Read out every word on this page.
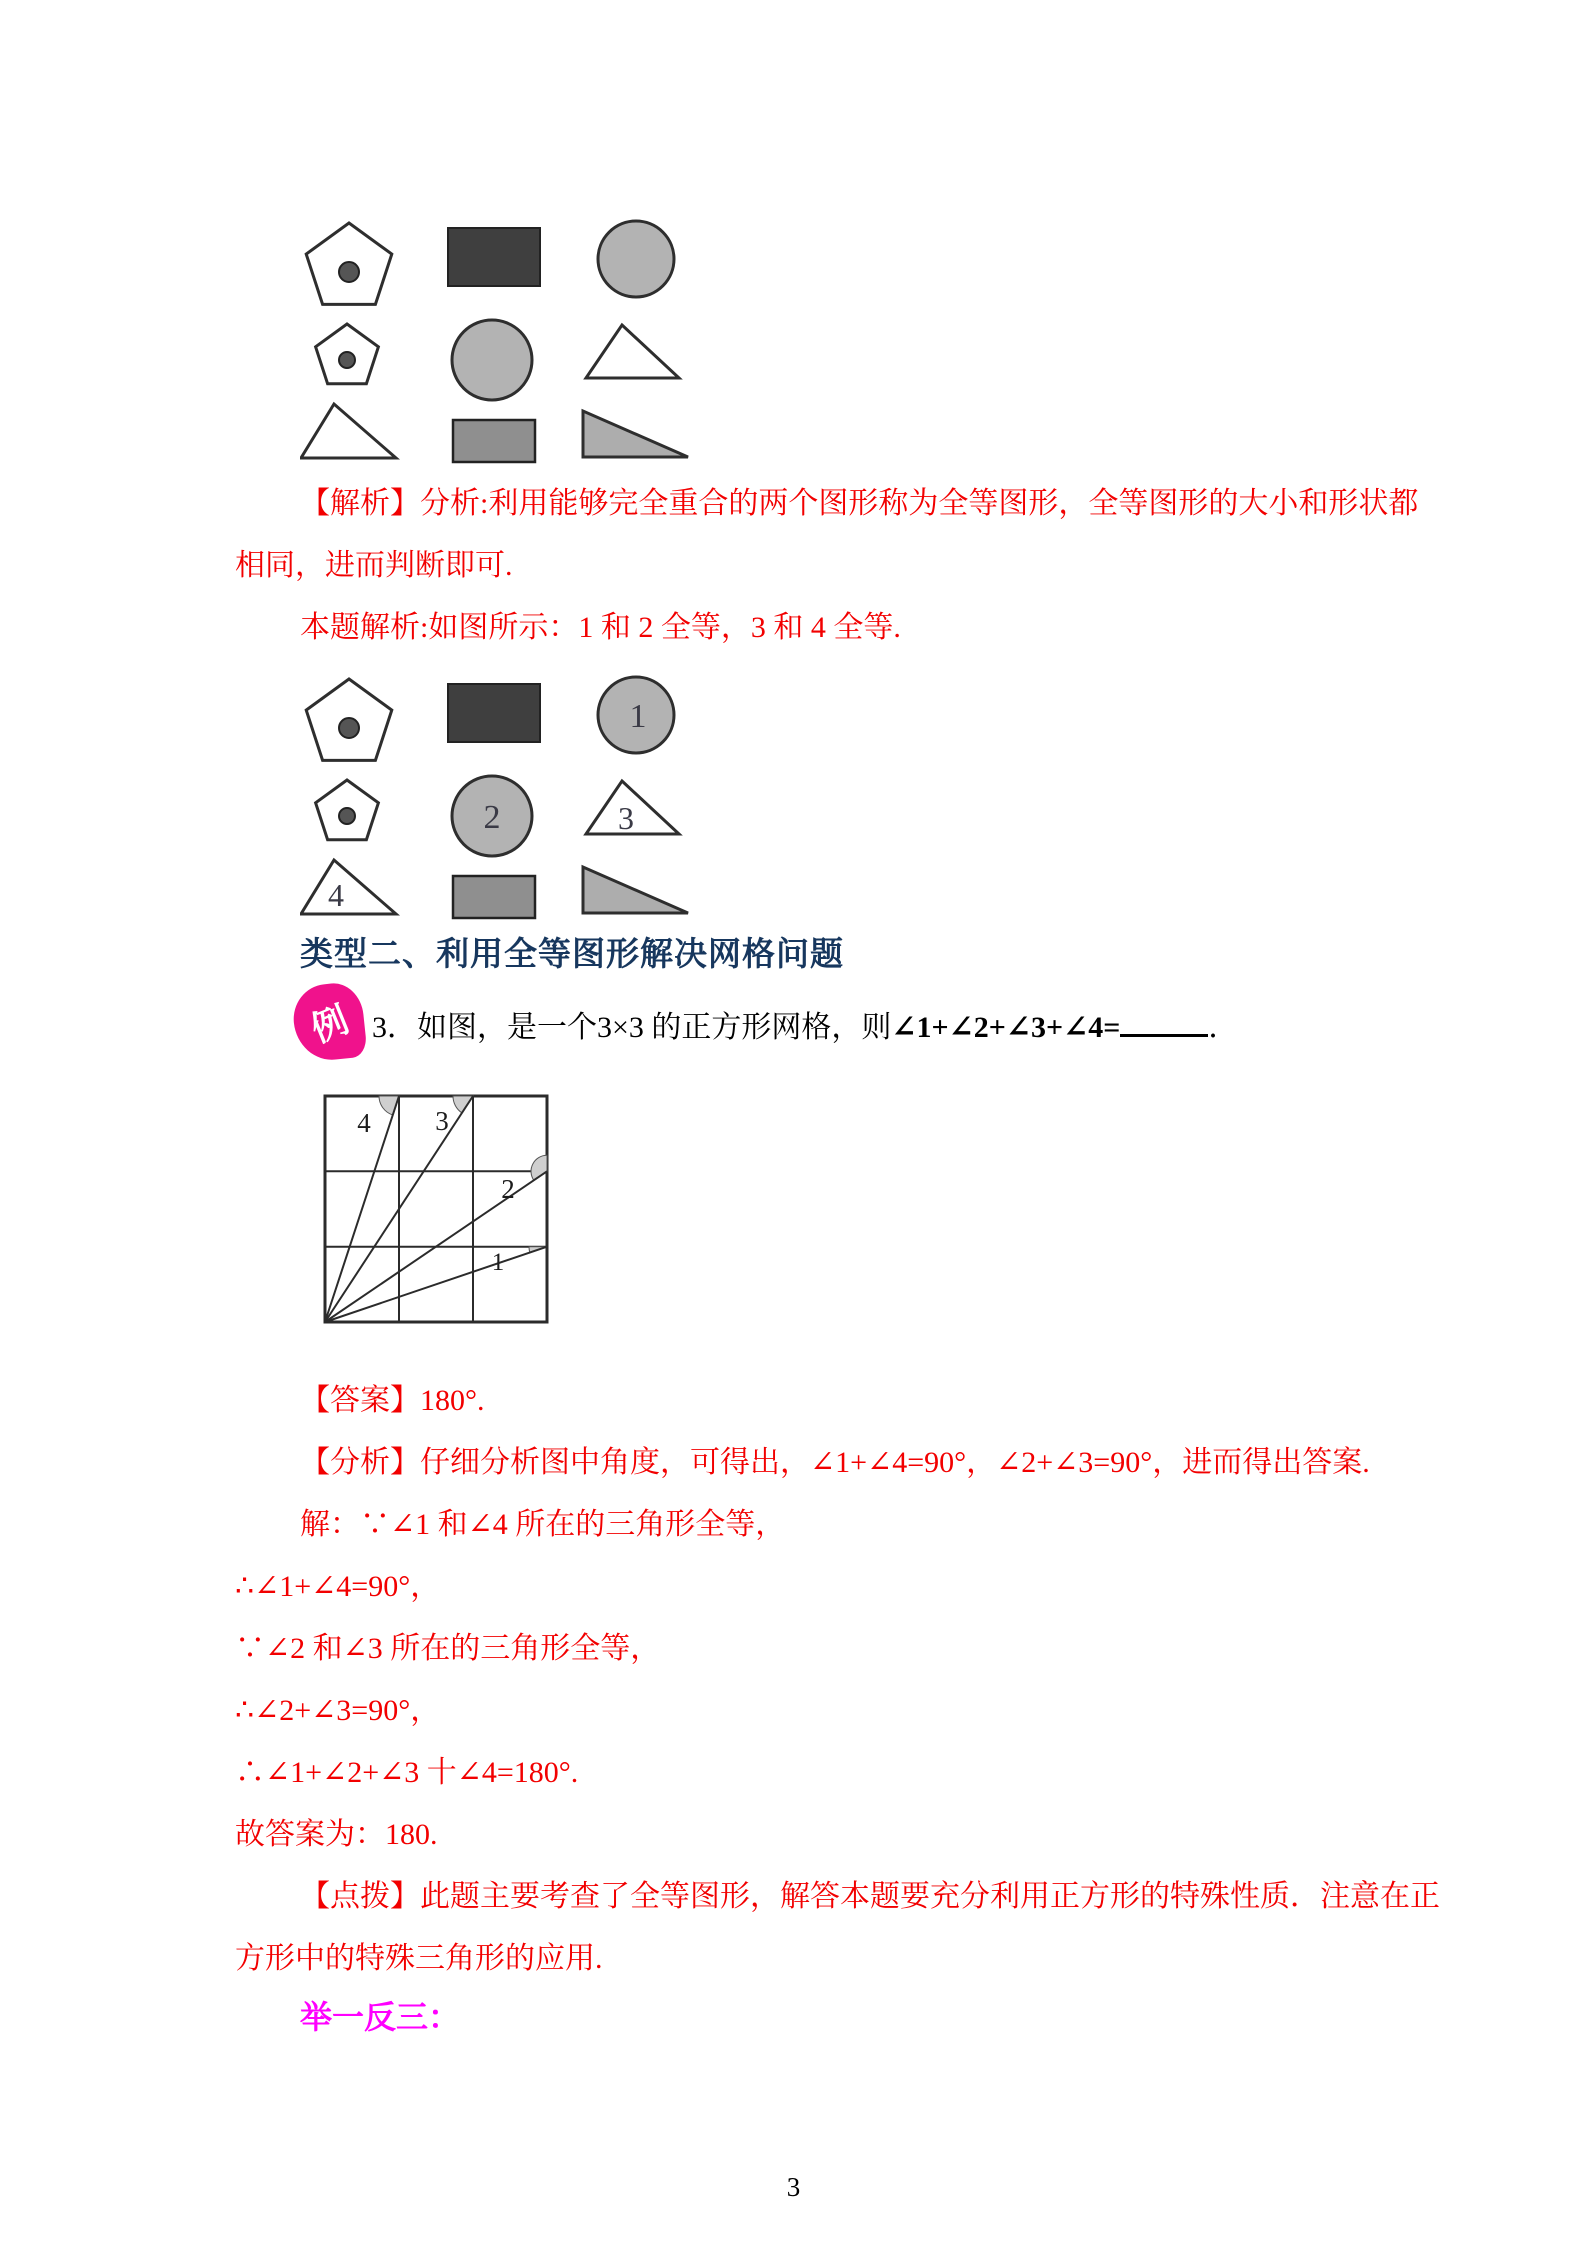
【解析】分析:利用能够完全重合的两个图形称为全等图形，全等图形的大小和形状都
相同，进而判断即可.
本题解析:如图所示：1 和 2 全等，3 和 4 全等.
1
2	3
4
类型二、利用全等图形解决网格问题
例 3．如图，是一个3×3 的正方形网格，则∠1+∠2+∠3+∠4=	．
4 3
2
1
【答案】180°.
【分析】仔细分析图中角度，可得出，∠1+∠4=90°，∠2+∠3=90°，进而得出答案.
解：∵∠1 和∠4 所在的三角形全等，
∴∠1+∠4=90°，
∵∠2 和∠3 所在的三角形全等，
∴∠2+∠3=90°，
∴∠1+∠2+∠3 十∠4=180°.
故答案为：180.
【点拨】此题主要考查了全等图形，解答本题要充分利用正方形的特殊性质．注意在正
方形中的特殊三角形的应用.
举一反三：
3
